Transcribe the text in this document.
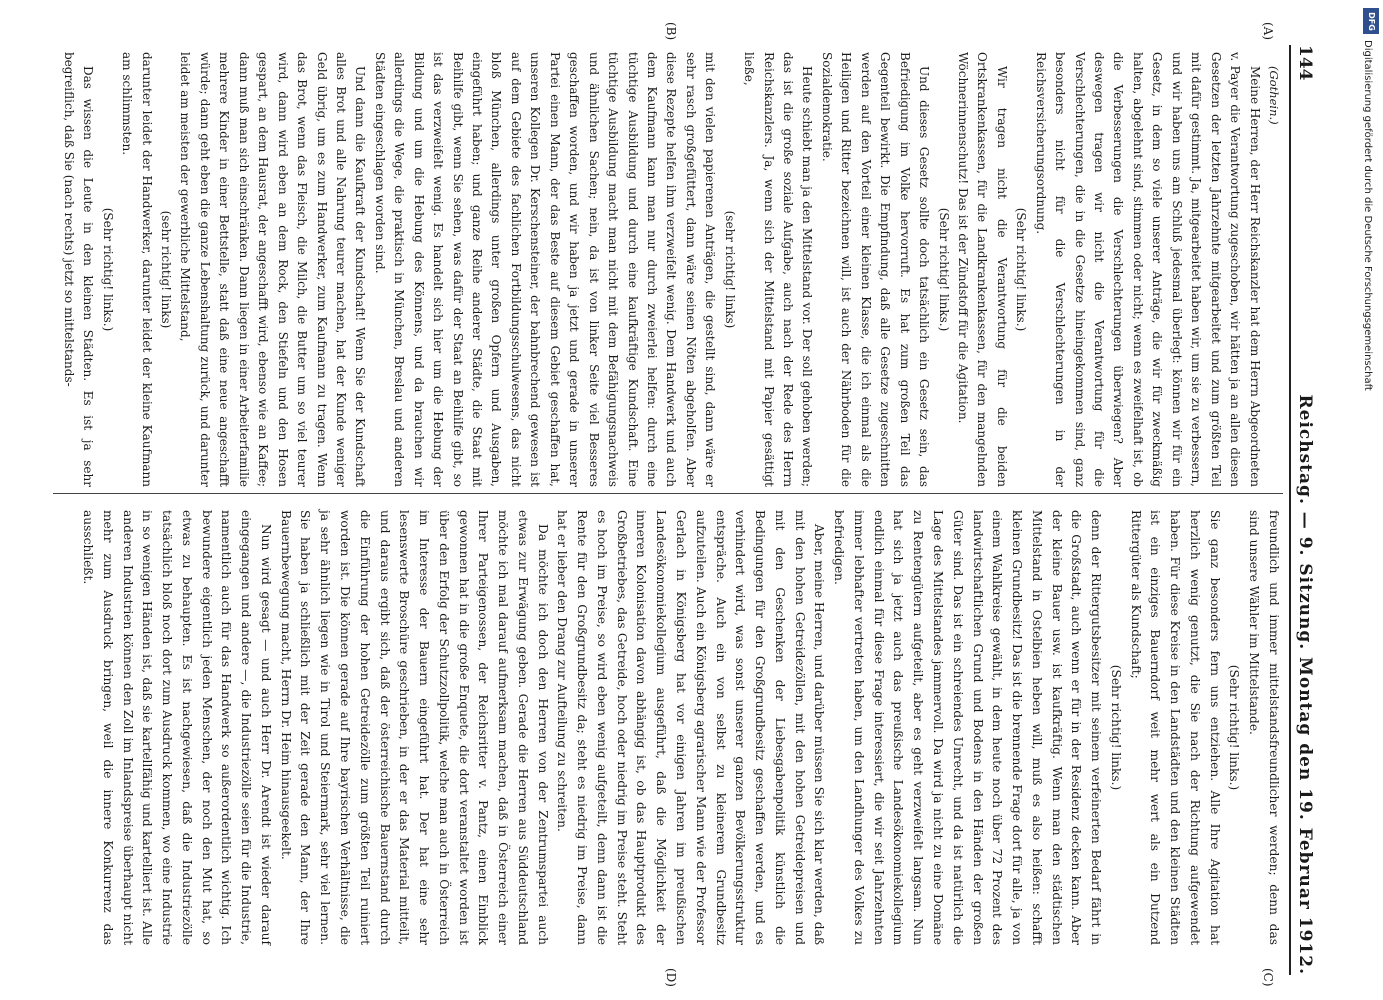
144
Reichstag. — 9. Sitzung. Montag den 19. Februar 1912.
(A)
(B)
(C)
(D)

(Gothein.)

Meine Herren, der Herr Reichskanzler hat dem Herrn Abgeordneten v. Payer die Verantwortung zugeschoben, wir hätten ja an allen diesen Gesetzen der letzten Jahrzehnte mitgearbeitet und zum größten Teil mit dafür gestimmt. Ja, mitgearbeitet haben wir, um sie zu verbessern, und wir haben uns am Schluß jedesmal überlegt: können wir für ein Gesetz, in dem so viele unserer Anträge, die wir für zweckmäßig halten, abgelehnt sind, stimmen oder nicht; wenn es zweifelhaft ist, ob die Verbesserungen die Verschlechterungen überwiegen? Aber deswegen tragen wir nicht die Verantwortung für die Verschlechterungen, die in die Gesetze hineingekommen sind, ganz besonders nicht für die Verschlechterungen in der Reichsversicherungsordnung.

(Sehr richtig! links.)

Wir tragen nicht die Verantwortung für die beiden Ortskrankenkassen, für die Landkrankenkassen, für den mangelnden Wöchnerinnenschutz! Das ist der Zündstoff für die Agitation.

(Sehr richtig! links.)

Und dieses Gesetz sollte doch tatsächlich ein Gesetz sein, das Befriedigung im Volke hervorruft. Es hat zum großen Teil das Gegenteil bewirkt. Die Empfindung, daß alle Gesetze zugeschnitten werden auf den Vorteil einer kleinen Klasse, die ich einmal als die Heiligen und Ritter bezeichnen will, ist auch der Nährboden für die Sozialdemokratie.

Heute schiebt man ja den Mittelstand vor. Der soll gehoben werden; das ist die große soziale Aufgabe, auch nach der Rede des Herrn Reichskanzlers. Ja, wenn sich der Mittelstand mit Papier gesättigt ließe,

(sehr richtig! links)

mit den vielen papierenen Anträgen, die gestellt sind, dann wäre er sehr rasch großgefüttert, dann wäre seinen Nöten abgeholfen. Aber diese Rezepte helfen ihm verzweifelt wenig. Dem Handwerk und auch dem Kaufmann kann man nur durch zweierlei helfen: durch eine tüchtige Ausbildung und durch eine kaufkräftige Kundschaft. Eine tüchtige Ausbildung macht man nicht mit dem Befähigungsnachweis und ähnlichen Sachen; nein, da ist von linker Seite viel Besseres geschaffen worden, und wir haben ja jetzt und gerade in unserer Partei einen Mann, der das Beste auf diesem Gebiet geschaffen hat, unseren Kollegen Dr. Kerschensteiner, der bahnbrechend gewesen ist auf dem Gebiete des fachlichen Fortbildungsschulwesens, das nicht bloß München, allerdings unter großen Opfern und Ausgaben, eingeführt haben; und ganze Reihe anderer Städte, die Staat mit Beihilfe gibt, wenn Sie sehen, was dafür der Staat an Beihilfe gibt, so ist das verzweifelt wenig. Es handelt sich hier um die Hebung der Bildung und um die Hebung des Könnens, und da brauchen wir allerdings die Wege, die praktisch in München, Breslau und anderen Städten eingeschlagen worden sind.

Und dann die Kaufkraft der Kundschaft! Wenn Sie der Kundschaft alles Brot und alle Nahrung teurer machen, hat der Kunde weniger Geld übrig, um es zum Handwerker, zum Kaufmann zu tragen. Wenn das Brot, wenn das Fleisch, die Milch, die Butter um so viel teurer wird, dann wird eben an dem Rock, den Stiefeln und den Hosen gespart, an dem Hausrat, der angeschafft wird, ebenso wie an Kaffee; dann muß man sich einschränken. Dann liegen in einer Arbeiterfamilie mehrere Kinder in einer Bettstelle, statt daß eine neue angeschafft würde; dann geht eben die ganze Lebenshaltung zurück, und darunter leidet am meisten der gewerbliche Mittelstand,

(sehr richtig! links)

darunter leidet der Handwerker, darunter leidet der kleine Kaufmann am schlimmsten.

(Sehr richtig! links.)

Das wissen die Leute in den kleinen Städten. Es ist ja sehr begreiflich, daß Sie (nach rechts) jetzt so mittelstands-

freundlich und immer mittelstandsfreundlicher werden; denn das sind unsere Wähler im Mittelstande.

(Sehr richtig! links.)

Sie ganz besonders fern uns entziehen. Alle Ihre Agitation hat herzlich wenig genutzt, die Sie nach der Richtung aufgewendet haben. Für diese Kreise in den Landstädten und den kleinen Städten ist ein einziges Bauerndorf weit mehr wert als ein Dutzend Rittergüter als Kundschaft;

(Sehr richtig! links.)

denn der Rittergutsbesitzer mit seinem verfeinerten Bedarf fährt in die Großstadt, auch wenn er für in der Residenz decken kann. Aber der kleine Bauer usw. ist kaufkräftig. Wenn man den städtischen Mittelstand in Ostelbien heben will, muß es also heißen: schafft kleinen Grundbesitz! Das ist die brennende Frage dort für alle, ja von einem Wahlkreise gewählt, in dem heute noch über 72 Prozent des landwirtschaftlichen Grund und Bodens in den Händen der großen Güter sind. Das ist ein schreiendes Unrecht, und da ist natürlich die Lage des Mittelstandes jammervoll. Da wird ja nicht zu eine Domäne zu Rentengütern aufgeteilt, aber es geht verzweifelt langsam. Nun hat sich ja jetzt auch das preußische Landesökonomiekollegium endlich einmal für diese Frage interessiert, die wir seit Jahrzehnten immer lebhafter vertreten haben, um den Landhunger des Volkes zu befriedigen.

Aber, meine Herren, und darüber müssen Sie sich klar werden, daß mit den hohen Getreidezöllen, mit den hohen Getreidepreisen und mit den Geschenken der Liebesgabenpolitik künstlich die Bedingungen für den Großgrundbesitz geschaffen werden, und es verhindert wird, was sonst unserer ganzen Bevölkerungsstruktur entspräche. Auch ein von selbst zu kleinerem Grundbesitz aufzuteilen. Auch ein Königsberg agrarischer Mann wie der Professor Gerlach in Königsberg hat vor einigen Jahren im preußischen Landesökonomiekollegium ausgeführt, daß die Möglichkeit der inneren Kolonisation davon abhängig ist, ob das Hauptprodukt des Großbetriebes, das Getreide, hoch oder niedrig im Preise steht. Steht es hoch im Preise, so wird eben wenig aufgeteilt, denn dann ist die Rente für den Großgrundbesitz da; steht es niedrig im Preise, dann hat er lieber den Drang zur Aufteilung zu schreiten.

Da möchte ich doch den Herren von der Zentrumspartei auch etwas zur Erwägung geben. Gerade die Herren aus Süddeutschland möchte ich mal darauf aufmerksam machen, daß in Österreich einer Ihrer Parteigenossen, der Reichsritter v. Pantz, einen Einblick gewonnen hat in die große Enquete, die dort veranstaltet worden ist über den Erfolg der Schutzzollpolitik, welche man auch in Österreich im Interesse der Bauern eingeführt hat. Der hat eine sehr lesenswerte Broschüre geschrieben, in der er das Material mitteilt, und daraus ergibt sich, daß der österreichische Bauernstand durch die Einführung der hohen Getreidezölle zum größten Teil ruiniert worden ist. Die können gerade auf Ihre bayrischen Verhältnisse, die ja sehr ähnlich liegen wie in Tirol und Steiermark, sehr viel lernen. Sie haben ja schließlich mit der Zeit gerade den Mann, der Ihre Bauernbewegung macht, Herrn Dr. Heim hinausgeekelt.

Nun wird gesagt — und auch Herr Dr. Arendt ist wieder darauf eingegangen und andere —, die Industriezölle seien für die Industrie, namentlich auch für das Handwerk so außerordentlich wichtig. Ich bewundere eigentlich jeden Menschen, der noch den Mut hat, so etwas zu behaupten. Es ist nachgewiesen, daß die Industriezölle tatsächlich bloß noch dort zum Ausdruck kommen, wo eine Industrie in so wenigen Händen ist, daß sie kartellfähig und kartelliert ist. Alle anderen Industrien können den Zoll im Inlandspreise überhaupt nicht mehr zum Ausdruck bringen, weil die innere Konkurrenz das ausschließt.

DFG
Digitalisierung gefördert durch die Deutsche Forschungsgemeinschaft
